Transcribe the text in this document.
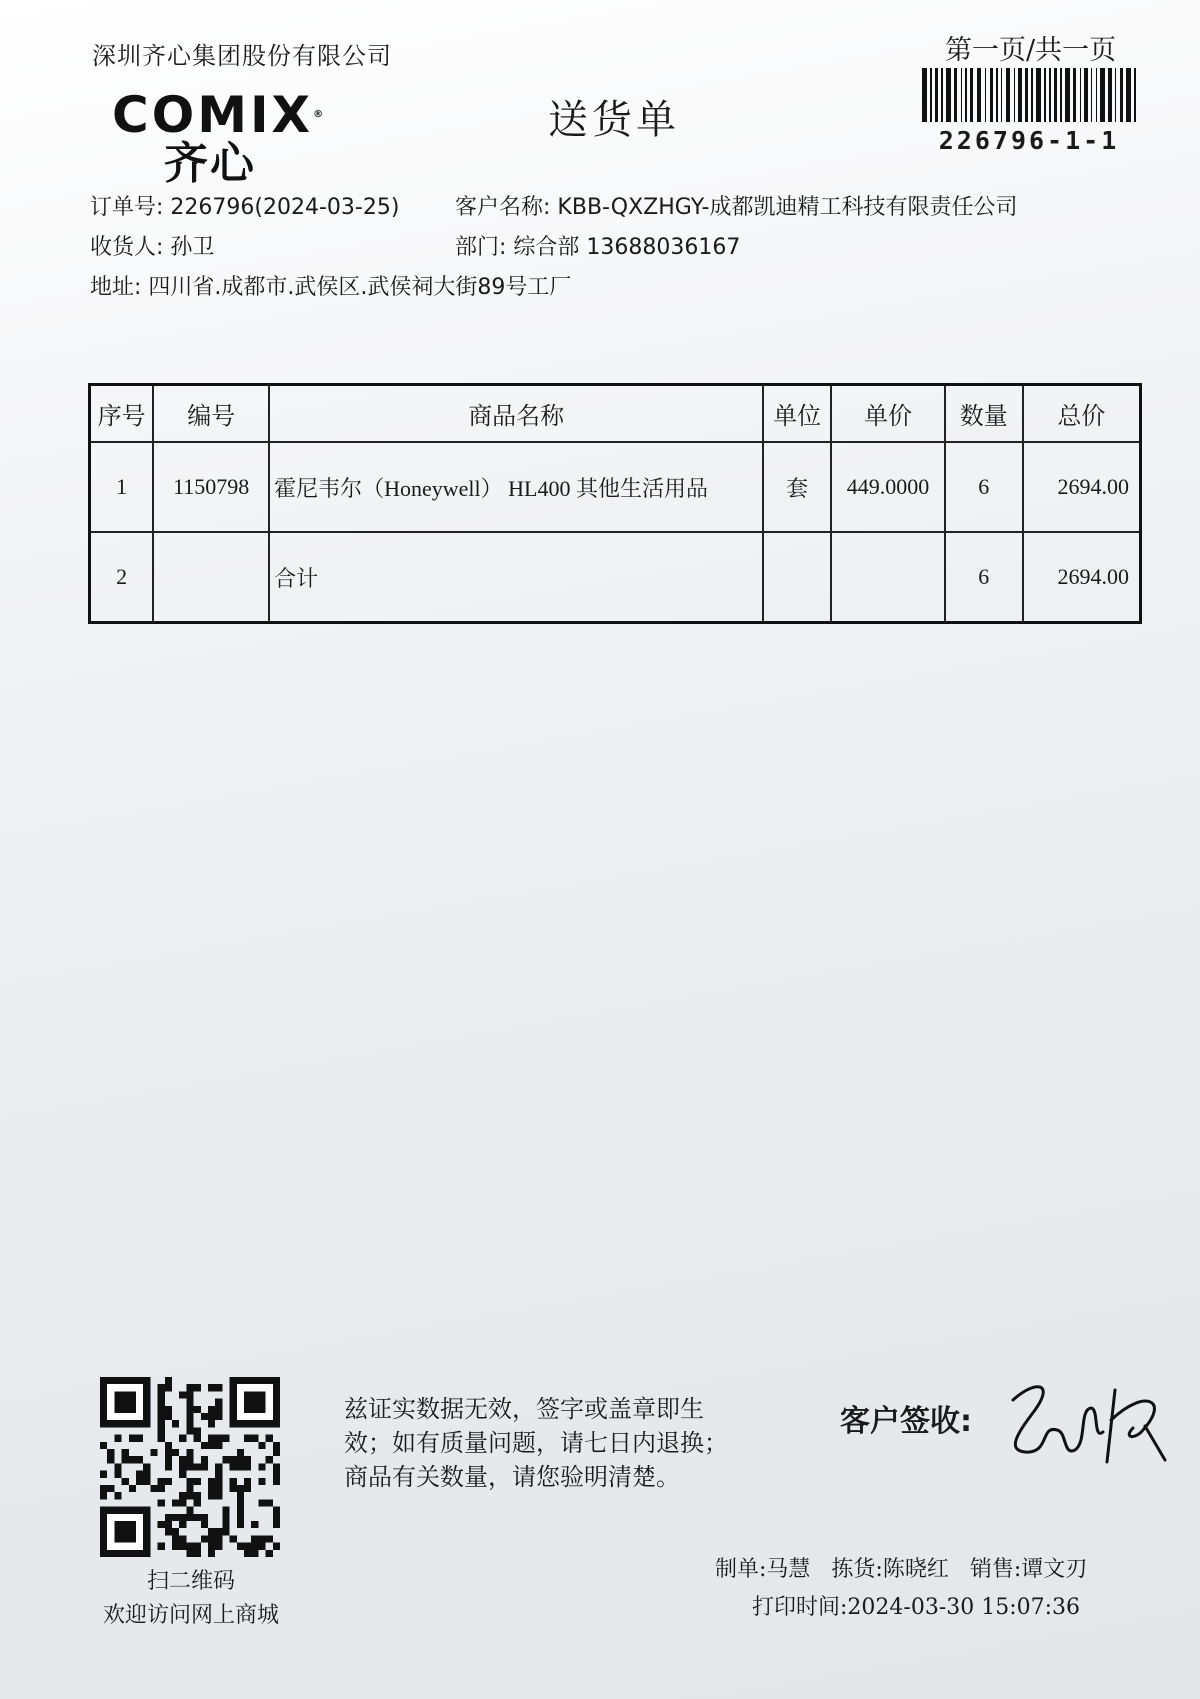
深圳齐心集团股份有限公司
COMIX®
齐心
送货单
第一页/共一页
226796-1-1
订单号: 226796(2024-03-25)	客户名称: KBB-QXZHGY-成都凯迪精工科技有限责任公司
收货人: 孙卫	部门: 综合部 13688036167
地址: 四川省.成都市.武侯区.武侯祠大街89号工厂
序号	编号	商品名称	单位	单价	数量	总价
1	1150798	霍尼韦尔（Honeywell） HL400 其他生活用品	套	449.0000	6	2694.00
2		合计			6	2694.00
扫二维码
欢迎访问网上商城
兹证实数据无效，签字或盖章即生
效；如有质量问题，请七日内退换；
商品有关数量，请您验明清楚。
客户签收:
制单:马慧 拣货:陈晓红 销售:谭文刃
打印时间:2024-03-30 15:07:36
